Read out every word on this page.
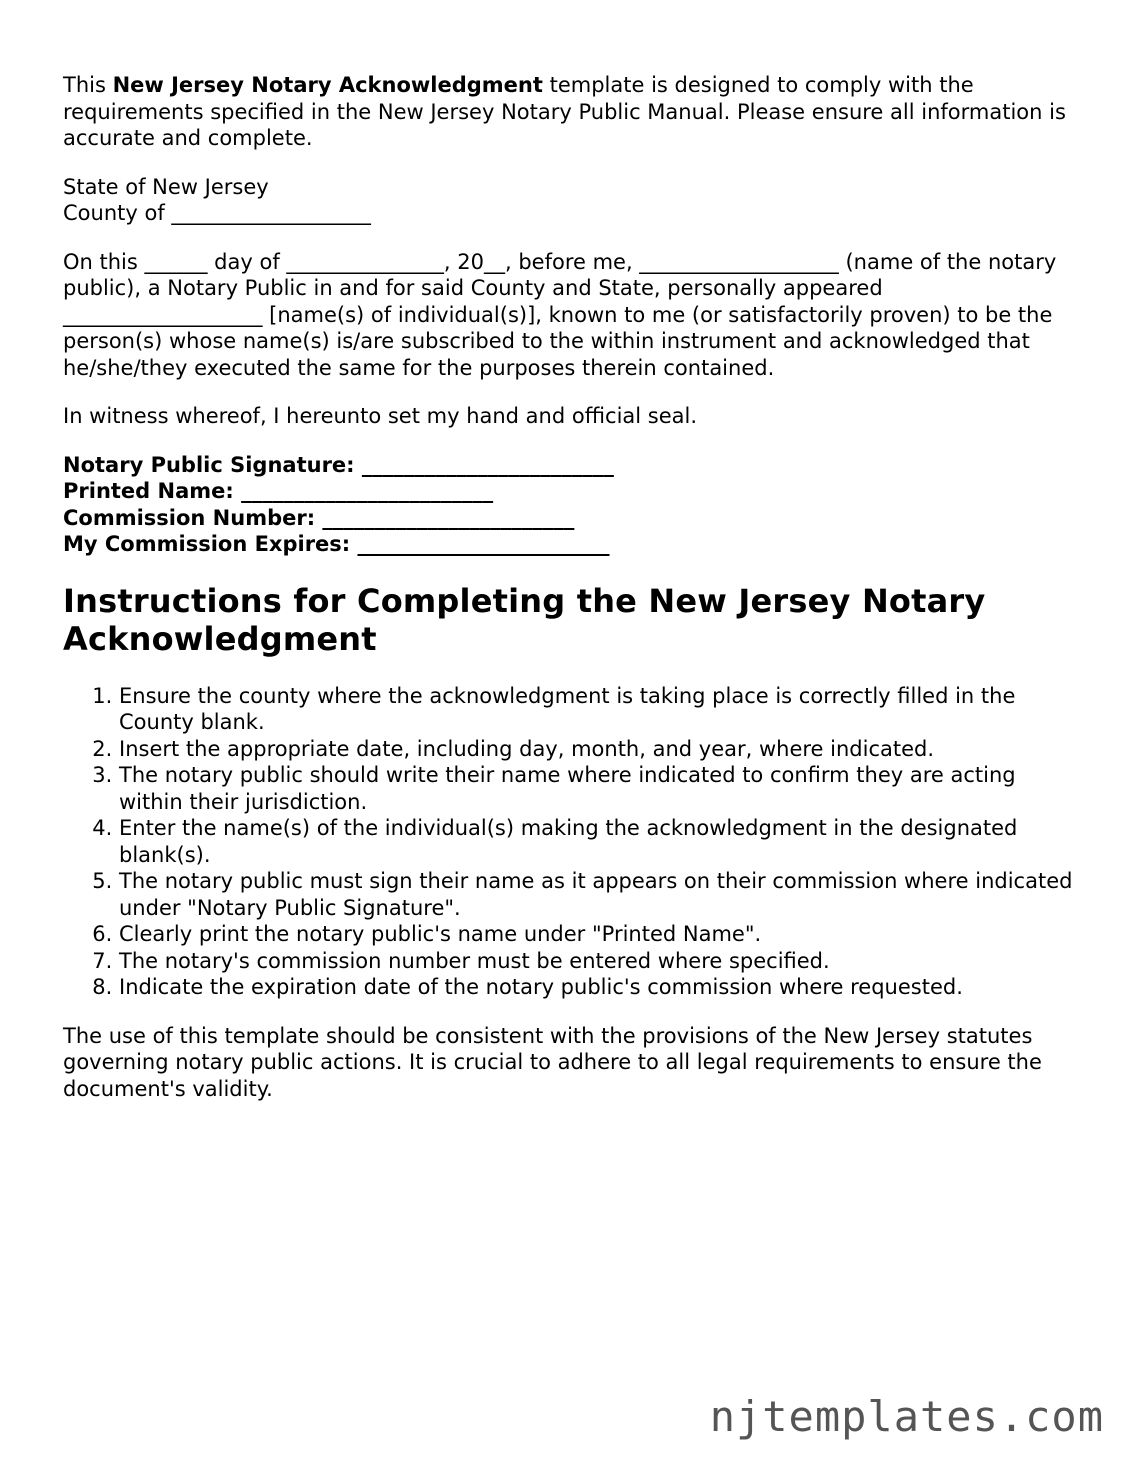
This New Jersey Notary Acknowledgment template is designed to comply with the requirements specified in the New Jersey Notary Public Manual. Please ensure all information is accurate and complete.

State of New Jersey
County of ___________________

On this ______ day of _______________, 20__, before me, ___________________ (name of the notary public), a Notary Public in and for said County and State, personally appeared ___________________ [name(s) of individual(s)], known to me (or satisfactorily proven) to be the person(s) whose name(s) is/are subscribed to the within instrument and acknowledged that he/she/they executed the same for the purposes therein contained.

In witness whereof, I hereunto set my hand and official seal.

Notary Public Signature: ________________________
Printed Name: ________________________
Commission Number: ________________________
My Commission Expires: ________________________
Instructions for Completing the New Jersey Notary Acknowledgment
1. Ensure the county where the acknowledgment is taking place is correctly filled in the County blank.
2. Insert the appropriate date, including day, month, and year, where indicated.
3. The notary public should write their name where indicated to confirm they are acting within their jurisdiction.
4. Enter the name(s) of the individual(s) making the acknowledgment in the designated blank(s).
5. The notary public must sign their name as it appears on their commission where indicated under "Notary Public Signature".
6. Clearly print the notary public's name under "Printed Name".
7. The notary's commission number must be entered where specified.
8. Indicate the expiration date of the notary public's commission where requested.

The use of this template should be consistent with the provisions of the New Jersey statutes governing notary public actions. It is crucial to adhere to all legal requirements to ensure the document's validity.

njtemplates.com
